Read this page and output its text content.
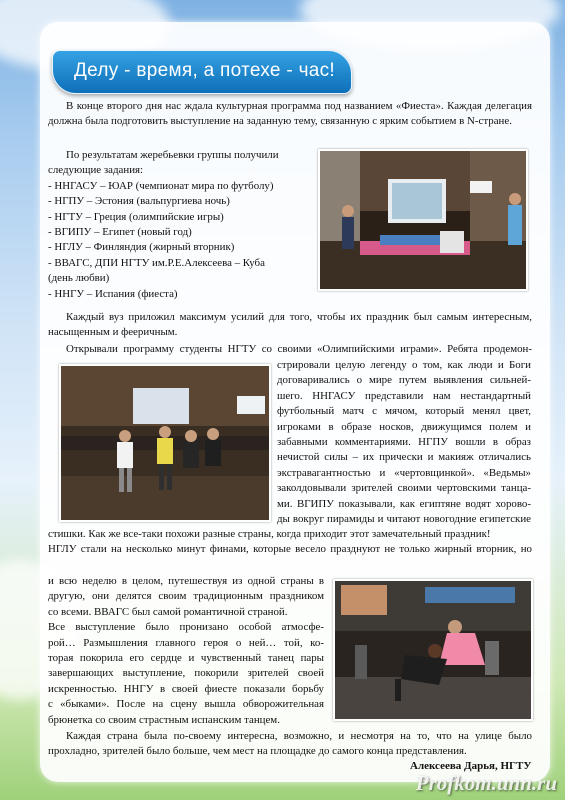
Делу - время, а потехе - час!

В конце второго дня нас ждала культурная программа под названием «Фиеста». Каждая делегация должна была подготовить выступление на заданную тему, связанную с ярким событием в N-стране.

По результатам жеребьевки группы получили
следующие задания:
- ННГАСУ – ЮАР (чемпионат мира по футболу)
- НГПУ – Эстония (вальпургиева ночь)
- НГТУ – Греция (олимпийские игры)
- ВГИПУ – Египет (новый год)
- НГЛУ – Финляндия (жирный вторник)
- ВВАГС, ДПИ НГТУ им.Р.Е.Алексеева – Куба
(день любви)
- ННГУ – Испания (фиеста)

Каждый вуз приложил максимум усилий для того, чтобы их праздник был самым интересным, насыщенным и фееричным.

Открывали программу студенты НГТУ со своими «Олимпийскими играми». Ребята продемон-
стрировали целую легенду о том, как люди и Боги
договаривались о мире путем выявления сильней-
шего. ННГАСУ представили нам нестандартный
футбольный матч с мячом, который менял цвет,
игроками в образе носков, движущимся полем и
забавными комментариями. НГПУ вошли в образ
нечистой силы – их прически и макияж отличались
экстравагантностью и «чертовщинкой». «Ведьмы»
заколдовывали зрителей своими чертовскими танца-
ми. ВГИПУ показывали, как египтяне водят хорово-
ды вокруг пирамиды и читают новогодние египетские
стишки. Как же все-таки похожи разные страны, когда приходит этот замечательный праздник!
НГЛУ стали на несколько минут финами, которые весело празднуют не только жирный вторник, но
и всю неделю в целом, путешествуя из одной страны в
другую, они делятся своим традиционным праздником
со всеми. ВВАГС был самой романтичной страной.
Все выступление было пронизано особой атмосфе-
рой… Размышления главного героя о ней… той, ко-
торая покорила его сердце и чувственный танец пары
завершающих выступление, покорили зрителей своей
искренностью. ННГУ в своей фиесте показали борьбу
с «быками». После на сцену вышла обворожительная
брюнетка со своим страстным испанским танцем.

Каждая страна была по-своему интересна, возможно, и несмотря на то, что на улице было прохладно, зрителей было больше, чем мест на площадке до самого конца представления.

Алексеева Дарья, НГТУ
Profkom.unn.ru
